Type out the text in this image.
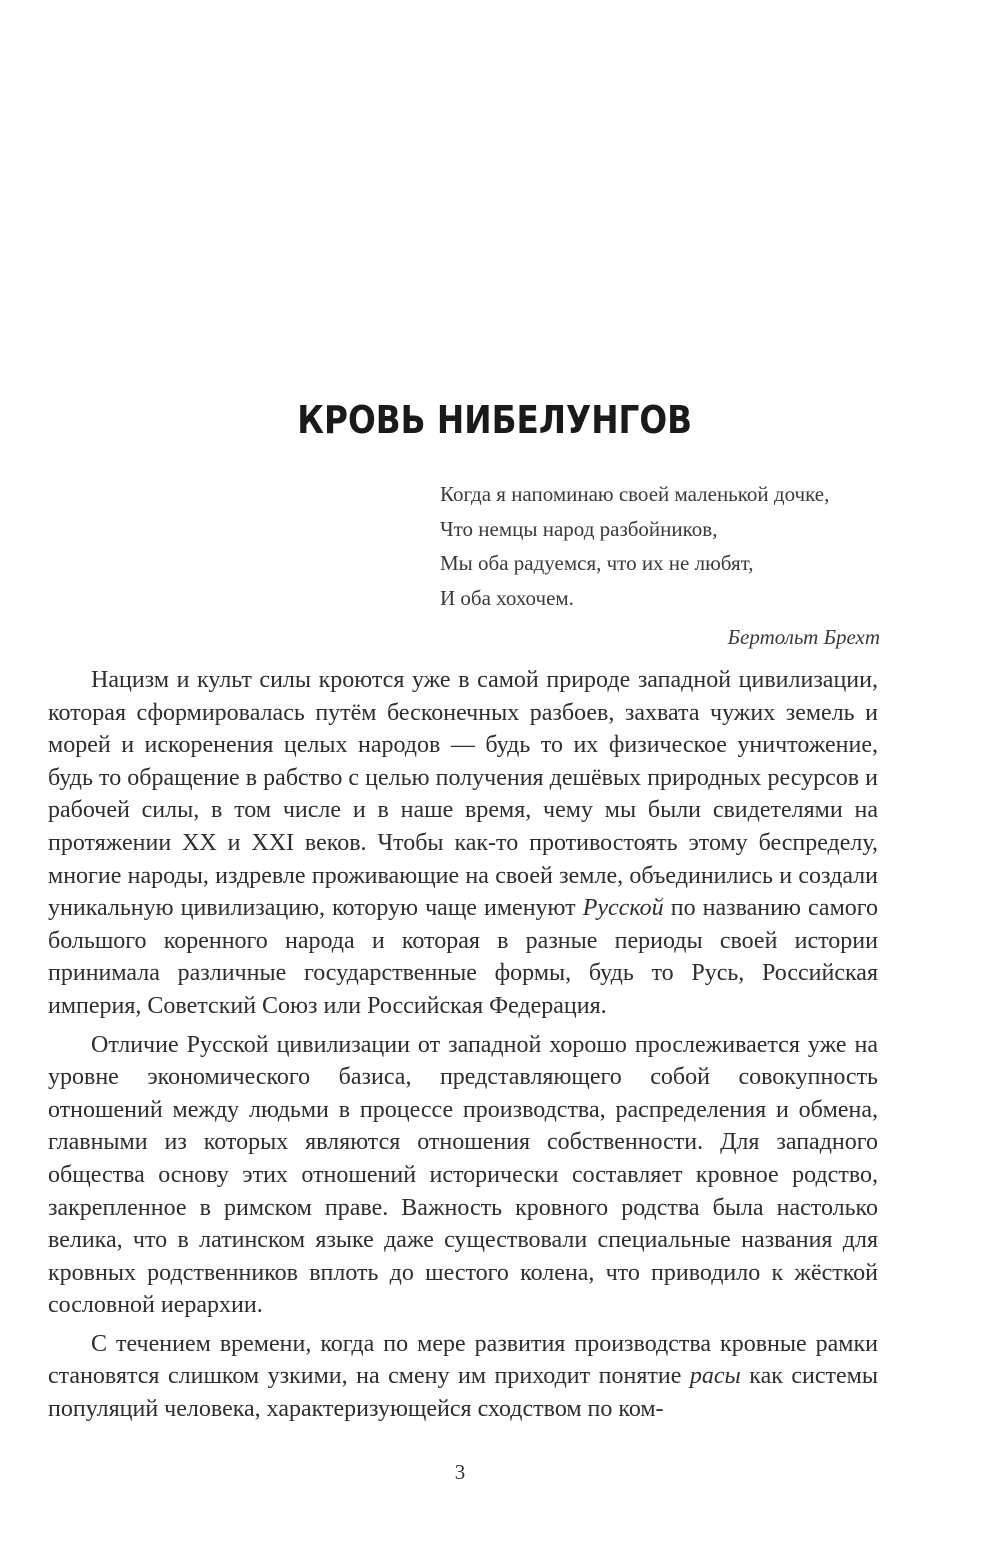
КРОВЬ НИБЕЛУНГОВ
Когда я напоминаю своей маленькой дочке,
Что немцы народ разбойников,
Мы оба радуемся, что их не любят,
И оба хохочем.
Бертольт Брехт

Нацизм и культ силы кроются уже в самой природе западной цивилизации, которая сформировалась путём бесконечных разбоев, захвата чужих земель и морей и искоренения целых народов — будь то их физическое уничтожение, будь то обращение в рабство с целью получения дешёвых природных ресурсов и рабочей силы, в том числе и в наше время, чему мы были свидетелями на протяжении XX и XXI веков. Чтобы как-то противостоять этому беспределу, многие народы, издревле проживающие на своей земле, объединились и создали уникальную цивилизацию, которую чаще именуют Русской по названию самого большого коренного народа и которая в разные периоды своей истории принимала различные государственные формы, будь то Русь, Российская империя, Советский Союз или Российская Федерация.

Отличие Русской цивилизации от западной хорошо прослеживается уже на уровне экономического базиса, представляющего собой совокупность отношений между людьми в процессе производства, распределения и обмена, главными из которых являются отношения собственности. Для западного общества основу этих отношений исторически составляет кровное родство, закрепленное в римском праве. Важность кровного родства была настолько велика, что в латинском языке даже существовали специальные названия для кровных родственников вплоть до шестого колена, что приводило к жёсткой сословной иерархии.

С течением времени, когда по мере развития производства кровные рамки становятся слишком узкими, на смену им приходит понятие расы как системы популяций человека, характеризующейся сходством по ком-

3
